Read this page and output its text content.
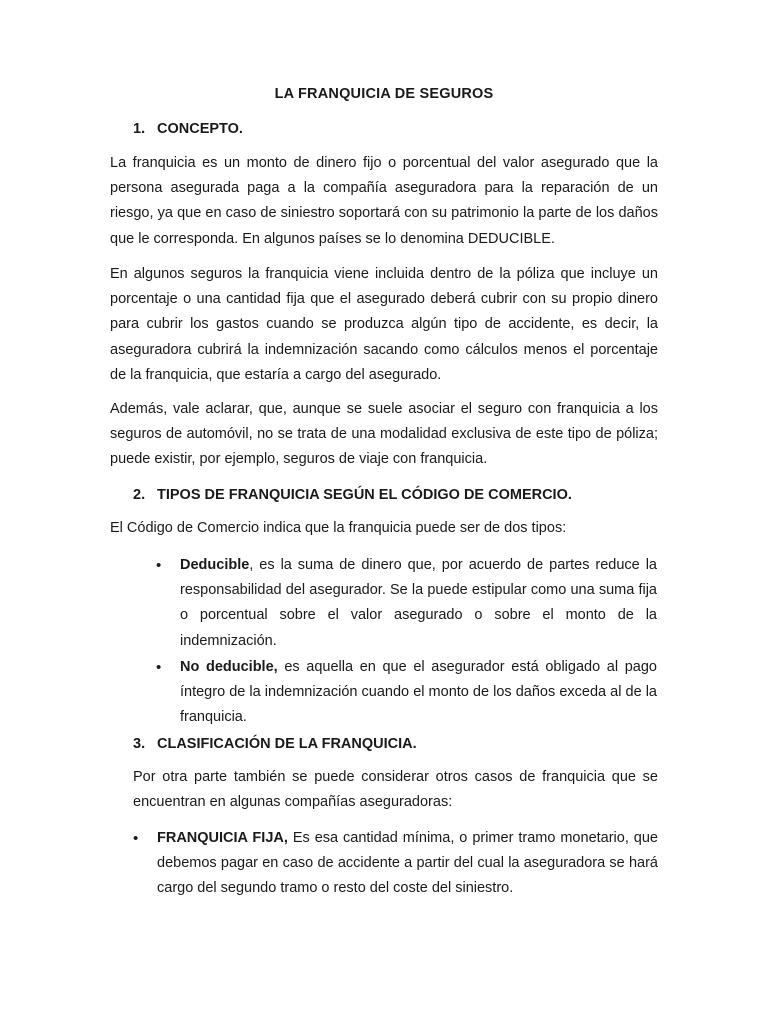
LA FRANQUICIA DE SEGUROS
1. CONCEPTO.
La franquicia es un monto de dinero fijo o porcentual del valor asegurado que la persona asegurada paga a la compañía aseguradora para la reparación de un riesgo, ya que en caso de siniestro soportará con su patrimonio la parte de los daños que le corresponda. En algunos países se lo denomina DEDUCIBLE.
En algunos seguros la franquicia viene incluida dentro de la póliza que incluye un porcentaje o una cantidad fija que el asegurado deberá cubrir con su propio dinero para cubrir los gastos cuando se produzca algún tipo de accidente, es decir, la aseguradora cubrirá la indemnización sacando como cálculos menos el porcentaje de la franquicia, que estaría a cargo del asegurado.
Además, vale aclarar, que, aunque se suele asociar el seguro con franquicia a los seguros de automóvil, no se trata de una modalidad exclusiva de este tipo de póliza; puede existir, por ejemplo, seguros de viaje con franquicia.
2. TIPOS DE FRANQUICIA SEGÚN EL CÓDIGO DE COMERCIO.
El Código de Comercio indica que la franquicia puede ser de dos tipos:
• Deducible, es la suma de dinero que, por acuerdo de partes reduce la responsabilidad del asegurador. Se la puede estipular como una suma fija o porcentual sobre el valor asegurado o sobre el monto de la indemnización.
• No deducible, es aquella en que el asegurador está obligado al pago íntegro de la indemnización cuando el monto de los daños exceda al de la franquicia.
3. CLASIFICACIÓN DE LA FRANQUICIA.
Por otra parte también se puede considerar otros casos de franquicia que se encuentran en algunas compañías aseguradoras:
• FRANQUICIA FIJA, Es esa cantidad mínima, o primer tramo monetario, que debemos pagar en caso de accidente a partir del cual la aseguradora se hará cargo del segundo tramo o resto del coste del siniestro.
